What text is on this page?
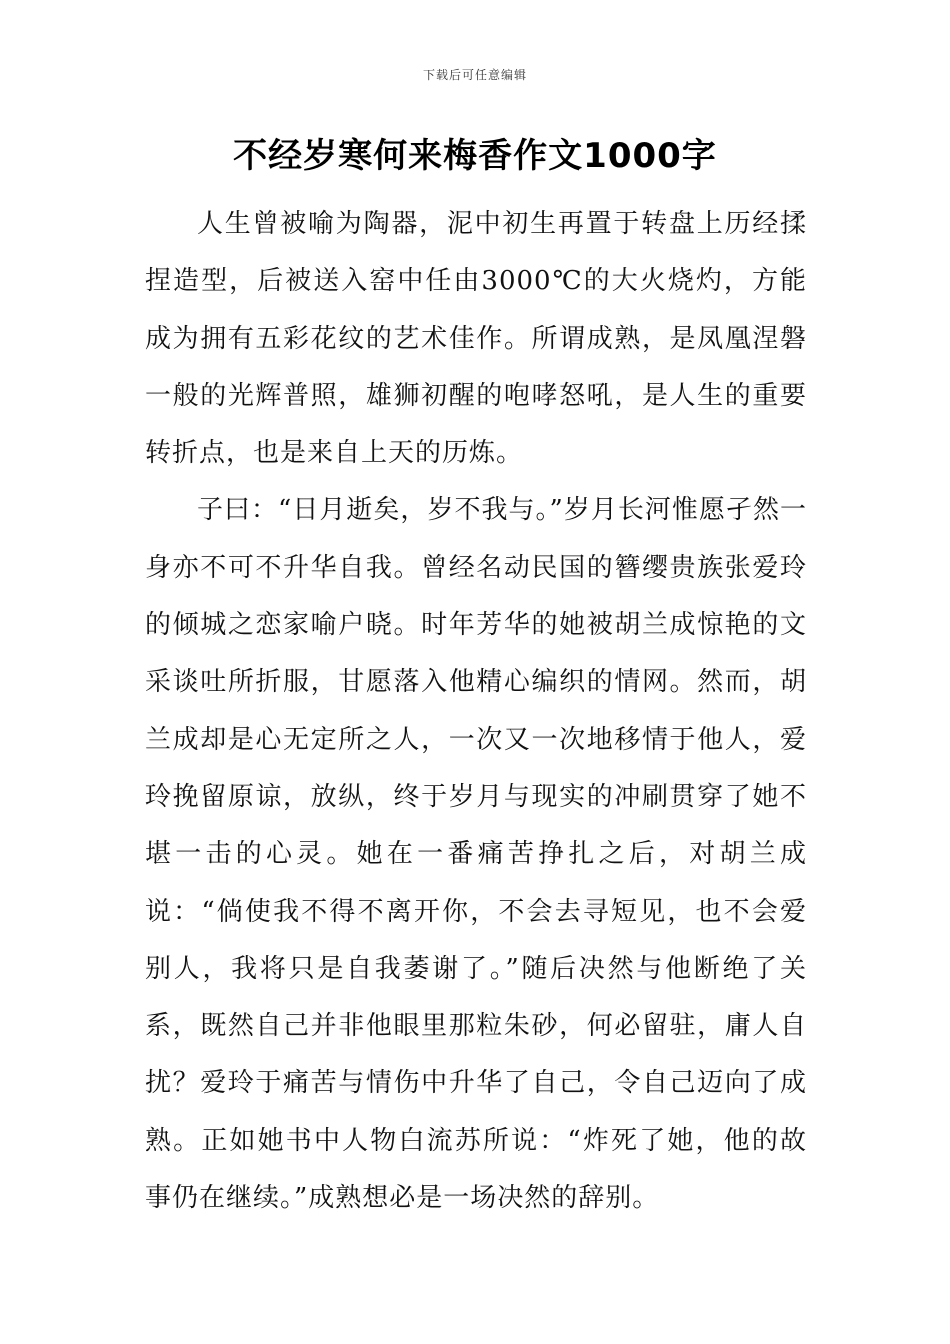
下载后可任意编辑
不经岁寒何来梅香作文1000字

人生曾被喻为陶器，泥中初生再置于转盘上历经揉捏造型，后被送入窑中任由3000℃的大火烧灼，方能成为拥有五彩花纹的艺术佳作。所谓成熟，是凤凰涅磐一般的光辉普照，雄狮初醒的咆哮怒吼，是人生的重要转折点，也是来自上天的历炼。

子曰：“日月逝矣，岁不我与。”岁月长河惟愿孑然一身亦不可不升华自我。曾经名动民国的簪缨贵族张爱玲的倾城之恋家喻户晓。时年芳华的她被胡兰成惊艳的文采谈吐所折服，甘愿落入他精心编织的情网。然而，胡兰成却是心无定所之人，一次又一次地移情于他人，爱玲挽留原谅，放纵，终于岁月与现实的冲刷贯穿了她不堪一击的心灵。她在一番痛苦挣扎之后，对胡兰成说：“倘使我不得不离开你，不会去寻短见，也不会爱别人，我将只是自我萎谢了。”随后决然与他断绝了关系，既然自己并非他眼里那粒朱砂，何必留驻，庸人自扰？爱玲于痛苦与情伤中升华了自己，令自己迈向了成熟。正如她书中人物白流苏所说：“炸死了她，他的故事仍在继续。”成熟想必是一场决然的辞别。
